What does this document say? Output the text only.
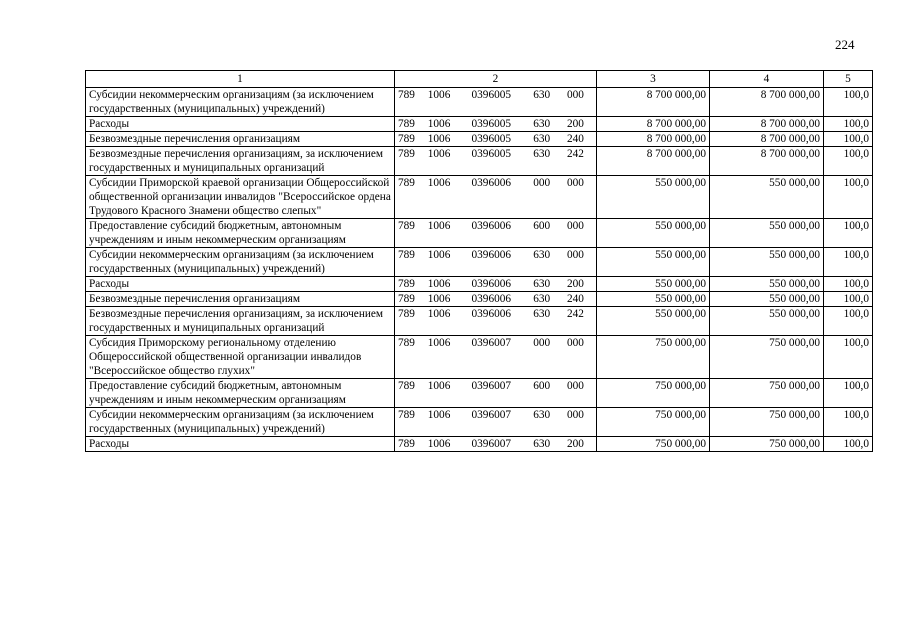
224
1	2	3	4	5
Субсидии некоммерческим организациям (за исключением государственных (муниципальных) учреждений)	789 1006 0396005 630 000	8 700 000,00	8 700 000,00	100,0
Расходы	789 1006 0396005 630 200	8 700 000,00	8 700 000,00	100,0
Безвозмездные перечисления организациям	789 1006 0396005 630 240	8 700 000,00	8 700 000,00	100,0
Безвозмездные перечисления организациям, за исключением государственных и муниципальных организаций	789 1006 0396005 630 242	8 700 000,00	8 700 000,00	100,0
Субсидии Приморской краевой организации Общероссийской общественной организации инвалидов "Всероссийское ордена Трудового Красного Знамени общество слепых"	789 1006 0396006 000 000	550 000,00	550 000,00	100,0
Предоставление субсидий бюджетным, автономным учреждениям и иным некоммерческим организациям	789 1006 0396006 600 000	550 000,00	550 000,00	100,0
Субсидии некоммерческим организациям (за исключением государственных (муниципальных) учреждений)	789 1006 0396006 630 000	550 000,00	550 000,00	100,0
Расходы	789 1006 0396006 630 200	550 000,00	550 000,00	100,0
Безвозмездные перечисления организациям	789 1006 0396006 630 240	550 000,00	550 000,00	100,0
Безвозмездные перечисления организациям, за исключением государственных и муниципальных организаций	789 1006 0396006 630 242	550 000,00	550 000,00	100,0
Субсидия Приморскому региональному отделению Общероссийской общественной организации инвалидов "Всероссийское общество глухих"	789 1006 0396007 000 000	750 000,00	750 000,00	100,0
Предоставление субсидий бюджетным, автономным учреждениям и иным некоммерческим организациям	789 1006 0396007 600 000	750 000,00	750 000,00	100,0
Субсидии некоммерческим организациям (за исключением государственных (муниципальных) учреждений)	789 1006 0396007 630 000	750 000,00	750 000,00	100,0
Расходы	789 1006 0396007 630 200	750 000,00	750 000,00	100,0
